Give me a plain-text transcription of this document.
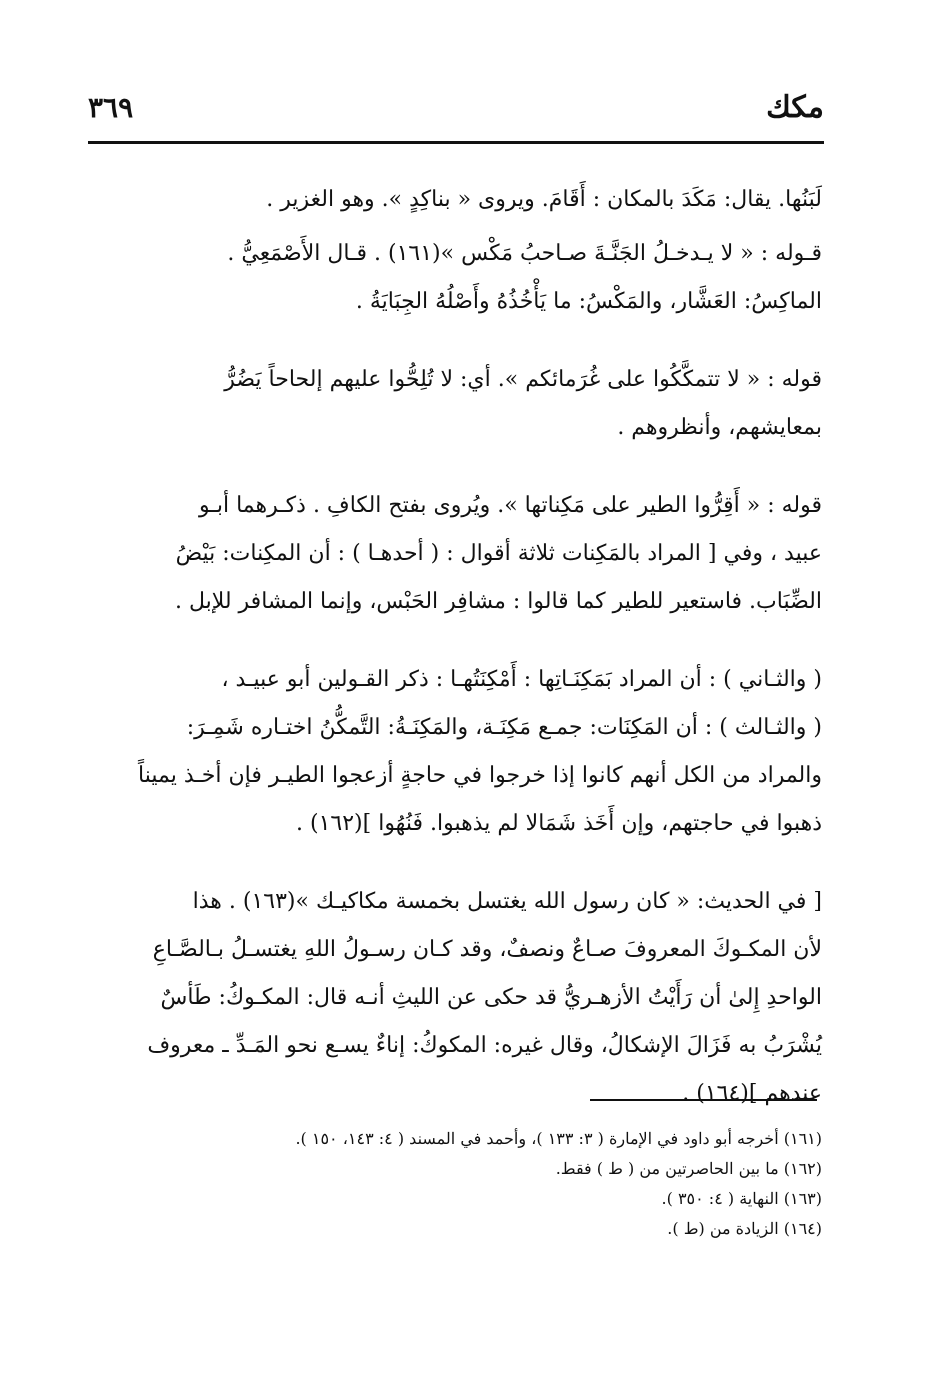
مكك
٣٦٩

لَبَنُها. يقال: مَكَدَ بالمكان : أَقَامَ. ويروى « بناكِدٍ ». وهو الغزير .

قـوله : « لا يـدخـلُ الجَنَّـةَ صـاحبُ مَكْس »(١٦١) . قـال الأَصْمَعِيُّ .

الماكِسُ: العَشَّار، والمَكْسُ: ما يَأْخُذُهُ وأَصْلُهُ الجِبَايَةُ .

قوله : « لا تتمكَّكُوا على غُرَمائكم ». أي: لا تُلِحُّوا عليهم إلحاحاً يَضُرُّ

بمعايشهم، وأنظروهم .

قوله : « أَقِرُّوا الطير على مَكِناتها ». ويُروى بفتح الكافِ . ذكـرهما أبـو

عبيد ، وفي [ المراد بالمَكِنات ثلاثة أقوال : ( أحدهـا ) : أن المكِنات: بَيْضُ

الضِّبَاب. فاستعير للطير كما قالوا : مشافِر الحَبْس، وإنما المشافر للإبل .

( والثـاني ) : أن المراد بَمَكِنَـاتِها : أَمْكِنَتُهـا : ذكر القـولين أبو عبيـد ،

( والثـالث ) : أن المَكِنَات: جمـع مَكِنَـة، والمَكِنَـةُ: التَّمكُّنُ اختـاره شَمِـرَ:

والمراد من الكل أنهم كانوا إذا خرجوا في حاجةٍ أزعجوا الطيـر فإن أخـذ يميناً

ذهبوا في حاجتهم، وإن أَخَذ شَمَالا لم يذهبوا. فَنُهُوا ](١٦٢) .

[ في الحديث: « كان رسول الله يغتسل بخمسة مكاكيـك »(١٦٣) . هذا

لأن المكـوكَ المعروفَ صـاعٌ ونصفٌ، وقد كـان رسـولُ اللهِ يغتسـلُ بـالصَّـاعِ

الواحدِ إِلىٰ أن رَأَيْتُ الأزهـريُّ قد حكى عن الليثِ أنـه قال: المكـوكُ: طَأسٌ

يُشْرَبُ به فَزَالَ الإشكالُ، وقال غيره: المكوكُ: إناءٌ يسـع نحو المَـدِّ ـ معروف

عندهم ](١٦٤) .

(١٦١) أخرجه أبو داود في الإمارة ( ٣: ١٣٣ )، وأحمد في المسند ( ٤: ١٤٣، ١٥٠ ).

(١٦٢) ما بين الحاصرتين من ( ط ) فقط.

(١٦٣) النهاية ( ٤: ٣٥٠ ).

(١٦٤) الزيادة من (ط ).
